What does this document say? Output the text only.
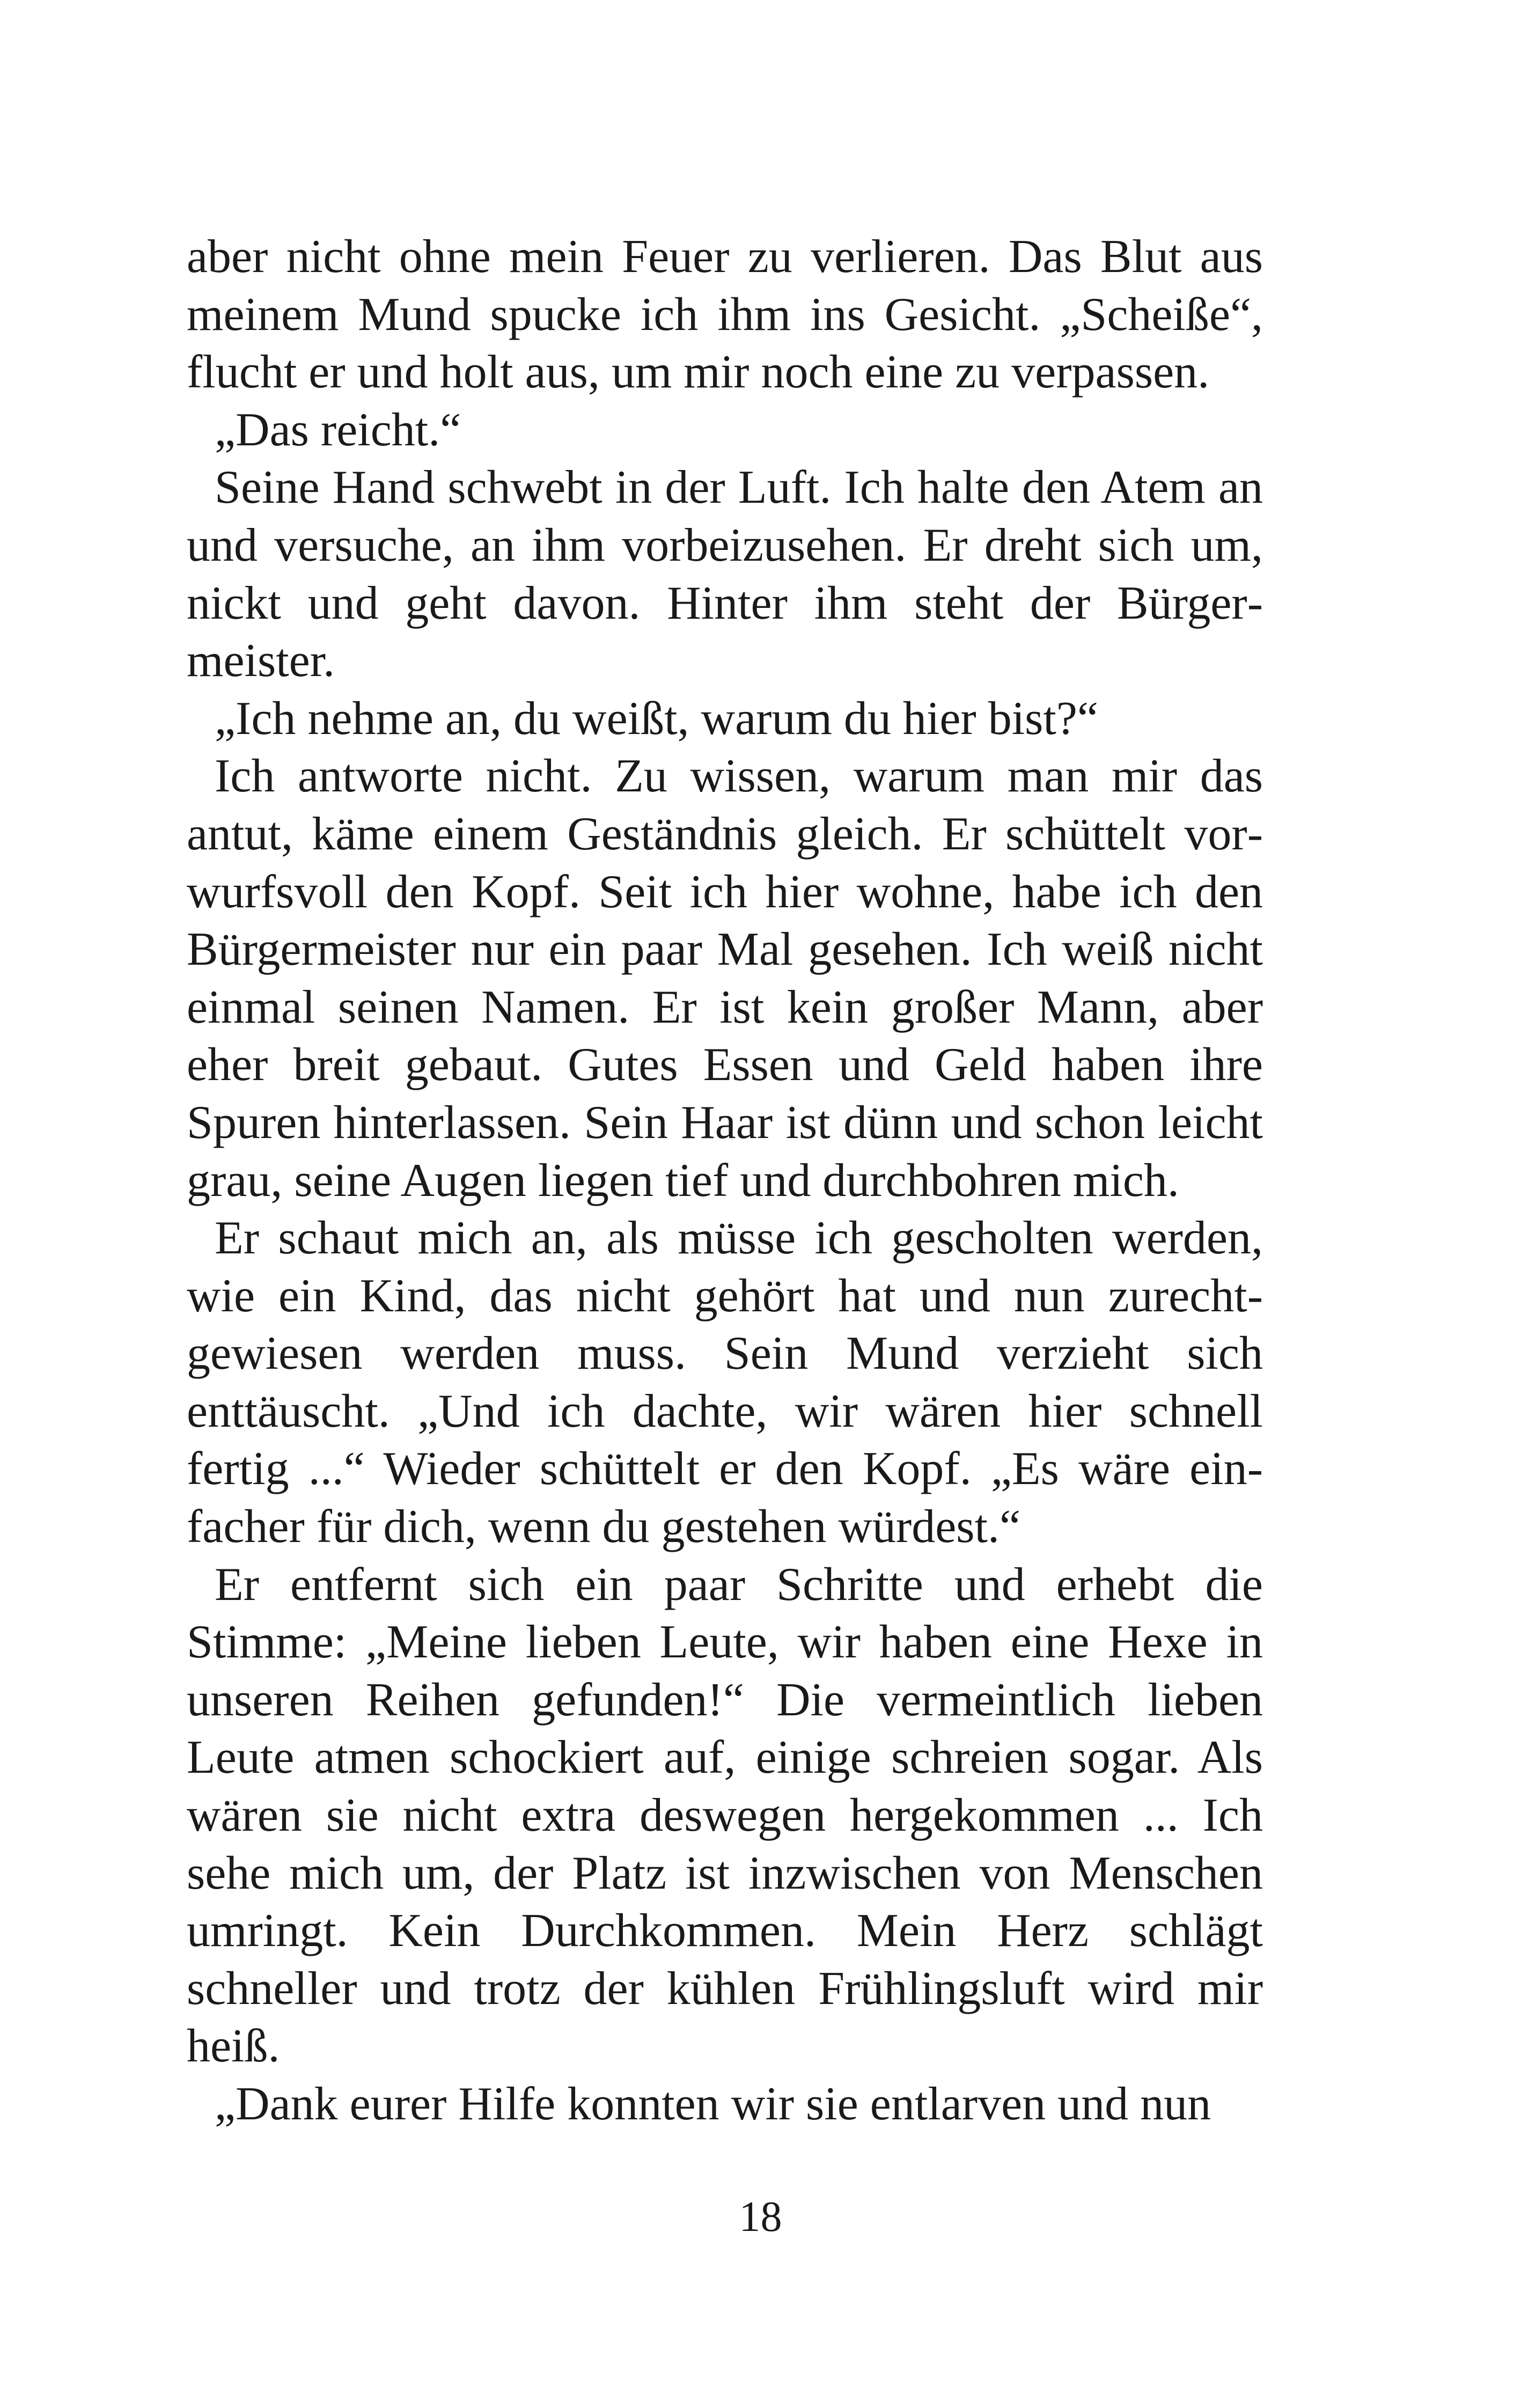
aber nicht ohne mein Feuer zu verlieren. Das Blut aus meinem Mund spucke ich ihm ins Gesicht. „Scheiße“, flucht er und holt aus, um mir noch eine zu verpassen.

„Das reicht.“

Seine Hand schwebt in der Luft. Ich halte den Atem an und versuche, an ihm vorbeizusehen. Er dreht sich um, nickt und geht davon. Hinter ihm steht der Bürgermeister.

„Ich nehme an, du weißt, warum du hier bist?“

Ich antworte nicht. Zu wissen, warum man mir das antut, käme einem Geständnis gleich. Er schüttelt vorwurfsvoll den Kopf. Seit ich hier wohne, habe ich den Bürgermeister nur ein paar Mal gesehen. Ich weiß nicht einmal seinen Namen. Er ist kein großer Mann, aber eher breit gebaut. Gutes Essen und Geld haben ihre Spuren hinterlassen. Sein Haar ist dünn und schon leicht grau, seine Augen liegen tief und durchbohren mich.

Er schaut mich an, als müsse ich gescholten werden, wie ein Kind, das nicht gehört hat und nun zurechtgewiesen werden muss. Sein Mund verzieht sich enttäuscht. „Und ich dachte, wir wären hier schnell fertig ...“ Wieder schüttelt er den Kopf. „Es wäre einfacher für dich, wenn du gestehen würdest.“

Er entfernt sich ein paar Schritte und erhebt die Stimme: „Meine lieben Leute, wir haben eine Hexe in unseren Reihen gefunden!“ Die vermeintlich lieben Leute atmen schockiert auf, einige schreien sogar. Als wären sie nicht extra deswegen hergekommen ... Ich sehe mich um, der Platz ist inzwischen von Menschen umringt. Kein Durchkommen. Mein Herz schlägt schneller und trotz der kühlen Frühlingsluft wird mir heiß.

„Dank eurer Hilfe konnten wir sie entlarven und nun

18
